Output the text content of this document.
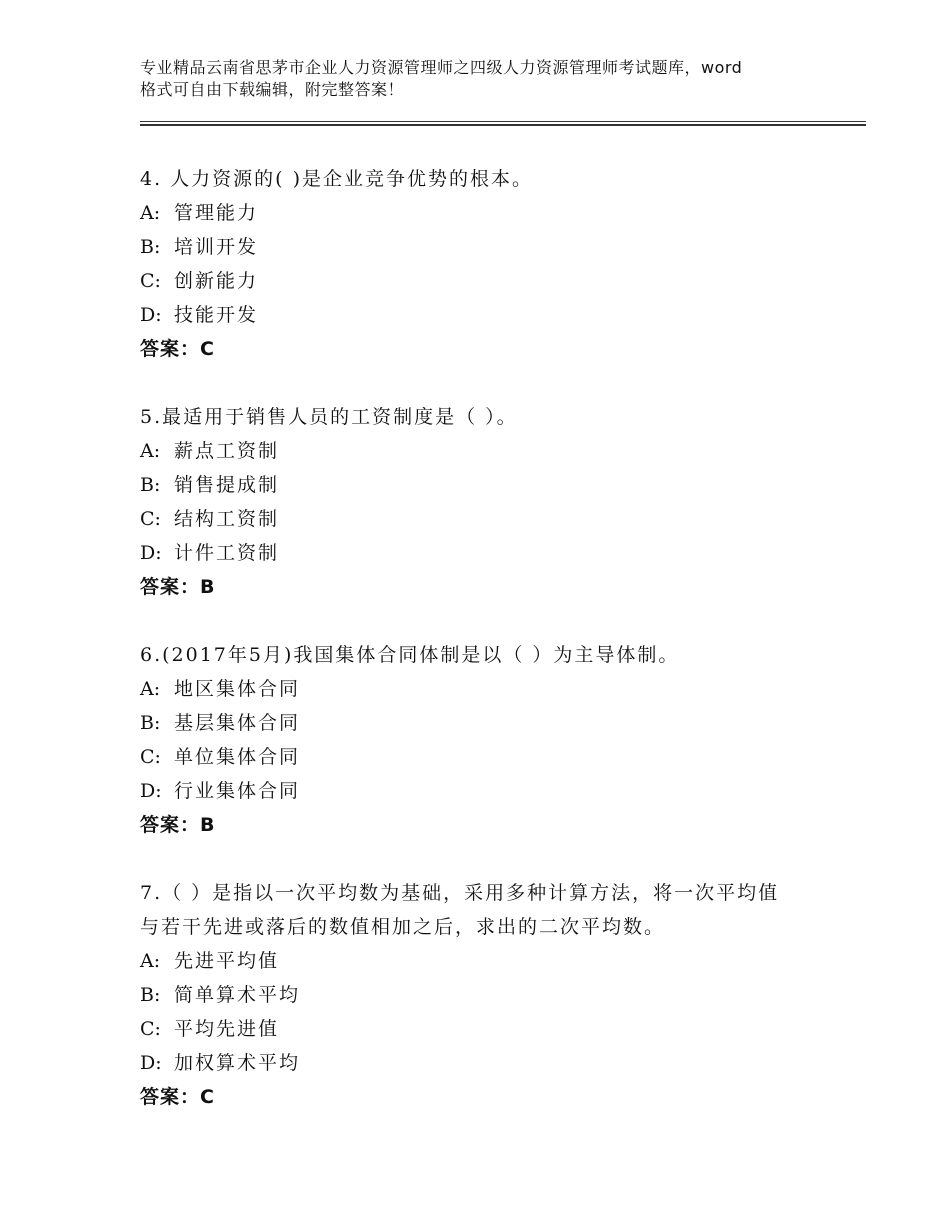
专业精品云南省思茅市企业人力资源管理师之四级人力资源管理师考试题库，word
格式可自由下载编辑，附完整答案！

4. 人力资源的( )是企业竞争优势的根本。

A: 管理能力
B: 培训开发
C: 创新能力
D: 技能开发

答案：C

5.最适用于销售人员的工资制度是（ ）。

A: 薪点工资制
B: 销售提成制
C: 结构工资制
D: 计件工资制

答案：B

6.(2017年5月)我国集体合同体制是以（ ）为主导体制。

A: 地区集体合同
B: 基层集体合同
C: 单位集体合同
D: 行业集体合同

答案：B

7.（ ）是指以一次平均数为基础，采用多种计算方法，将一次平均值

与若干先进或落后的数值相加之后，求出的二次平均数。

A: 先进平均值
B: 简单算术平均
C: 平均先进值
D: 加权算术平均

答案：C
